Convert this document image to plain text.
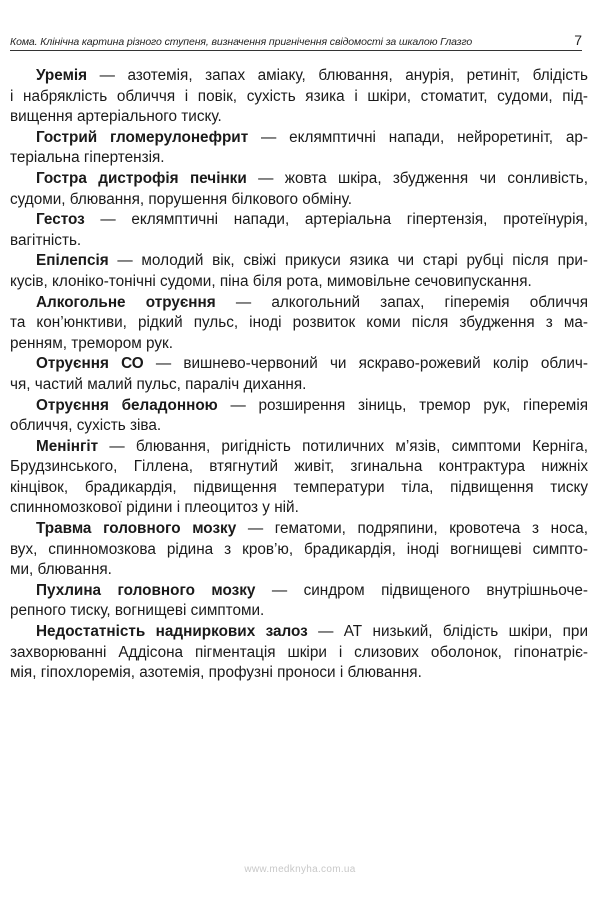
Кома. Клінічна картина різного ступеня, визначення пригнічення свідомості за шкалою Глазго	7
Уремія — азотемія, запах аміаку, блювання, анурія, ретиніт, блідість
і набряклість обличчя і повік, сухість язика і шкіри, стоматит, судоми, під-
вищення артеріального тиску.
Гострий гломерулонефрит — еклямптичні напади, нейроретиніт, ар-
теріальна гіпертензія.
Гостра дистрофія печінки — жовта шкіра, збудження чи сонливість,
судоми, блювання, порушення білкового обміну.
Гестоз — еклямптичні напади, артеріальна гіпертензія, протеїнурія,
вагітність.
Епілепсія — молодий вік, свіжі прикуси язика чи старі рубці після при-
кусів, клоніко-тонічні судоми, піна біля рота, мимовільне сечовипускання.
Алкогольне отруєння — алкогольний запах, гіперемія обличчя
та кон’юнктиви, рідкий пульс, іноді розвиток коми після збудження з ма-
ренням, тремором рук.
Отруєння СО — вишнево-червоний чи яскраво-рожевий колір облич-
чя, частий малий пульс, параліч дихання.
Отруєння беладонною — розширення зіниць, тремор рук, гіперемія
обличчя, сухість зіва.
Менінгіт — блювання, ригідність потиличних м’язів, симптоми Керніга,
Брудзинського, Гіллена, втягнутий живіт, згинальна контрактура нижніх
кінцівок, брадикардія, підвищення температури тіла, підвищення тиску
спинномозкової рідини і плеоцитоз у ній.
Травма головного мозку — гематоми, подряпини, кровотеча з носа,
вух, спинномозкова рідина з кров’ю, брадикардія, іноді вогнищеві симпто-
ми, блювання.
Пухлина головного мозку — синдром підвищеного внутрішньоче-
репного тиску, вогнищеві симптоми.
Недостатність надниркових залоз — АТ низький, блідість шкіри, при
захворюванні Аддісона пігментація шкіри і слизових оболонок, гіпонатріє-
мія, гіпохлоремія, азотемія, профузні проноси і блювання.
www.medknyha.com.ua
